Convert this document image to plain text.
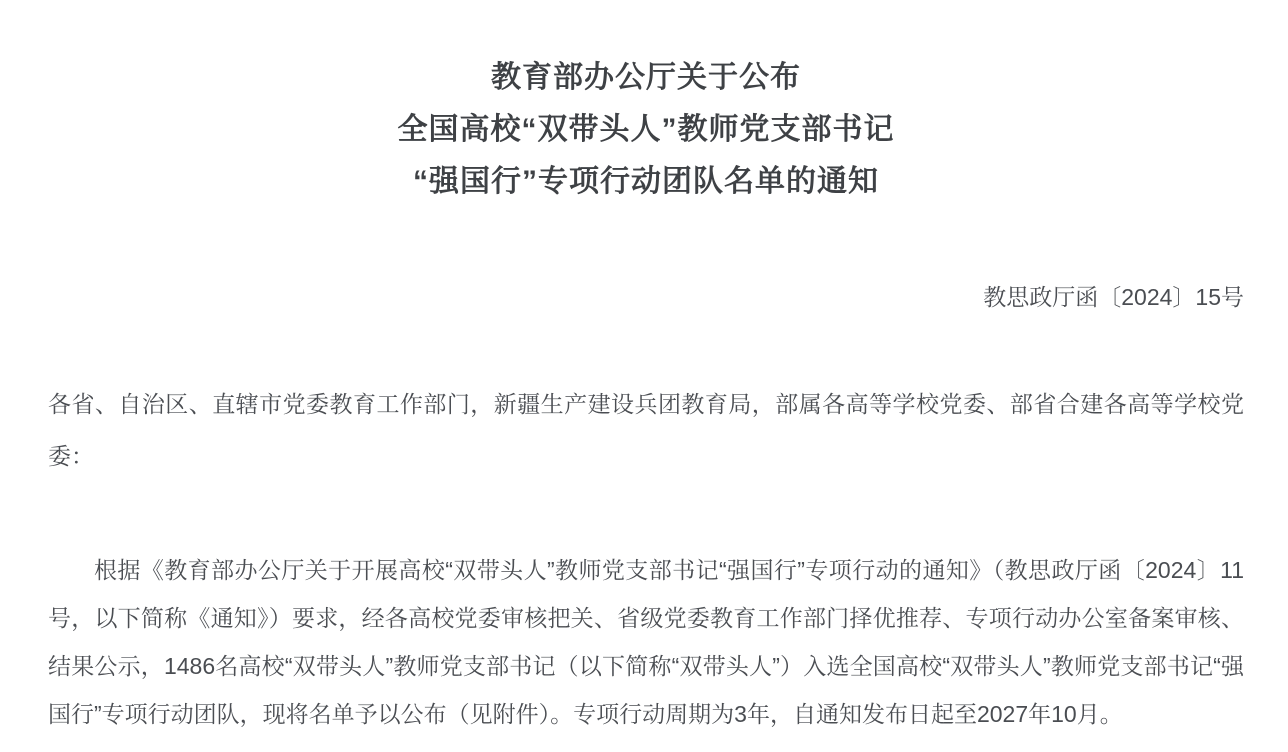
教育部办公厅关于公布
全国高校“双带头人”教师党支部书记
“强国行”专项行动团队名单的通知
教思政厅函〔2024〕15号

各省、自治区、直辖市党委教育工作部门，新疆生产建设兵团教育局，部属各高等学校党委、部省合建各高等学校党委：

根据《教育部办公厅关于开展高校“双带头人”教师党支部书记“强国行”专项行动的通知》（教思政厅函〔2024〕11号，以下简称《通知》）要求，经各高校党委审核把关、省级党委教育工作部门择优推荐、专项行动办公室备案审核、结果公示，1486名高校“双带头人”教师党支部书记（以下简称“双带头人”）入选全国高校“双带头人”教师党支部书记“强国行”专项行动团队，现将名单予以公布（见附件）。专项行动周期为3年，自通知发布日起至2027年10月。
